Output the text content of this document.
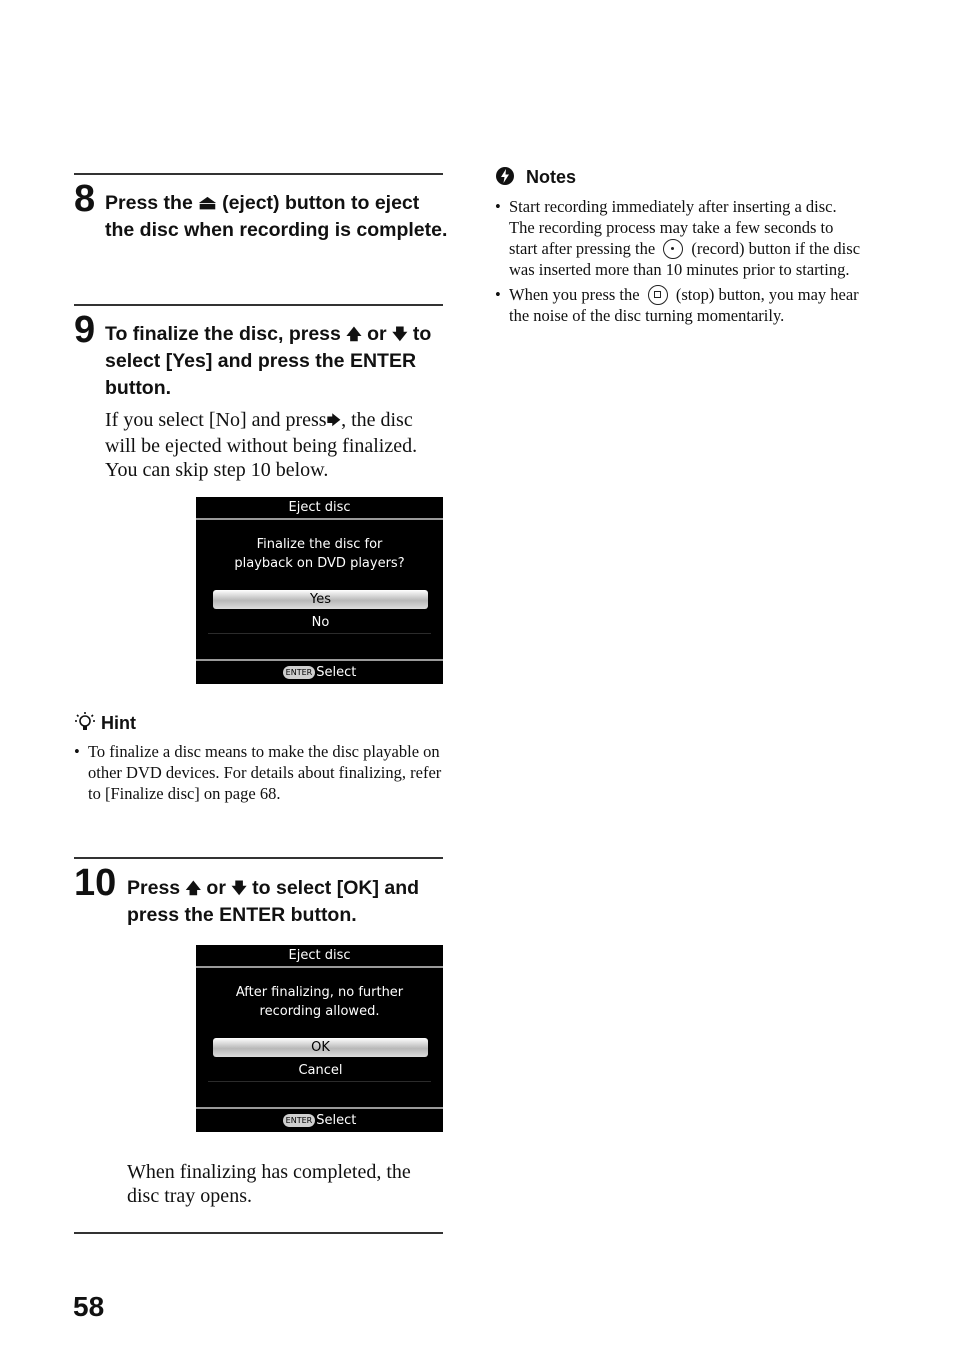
8 Press the ⏏ (eject) button to eject the disc when recording is complete.
9 To finalize the disc, press 🡅 or 🡇 to select [Yes] and press the ENTER button.
If you select [No] and press🡆, the disc will be ejected without being finalized. You can skip step 10 below.
Eject disc
Finalize the disc for
playback on DVD players?
Yes
No
ENTER Select
Hint
• To finalize a disc means to make the disc playable on other DVD devices. For details about finalizing, refer to [Finalize disc] on page 68.
10 Press 🡅 or 🡇 to select [OK] and press the ENTER button.
Eject disc
After finalizing, no further
recording allowed.
OK
Cancel
ENTER Select
When finalizing has completed, the disc tray opens.
Notes
• Start recording immediately after inserting a disc. The recording process may take a few seconds to start after pressing the (record) button if the disc was inserted more than 10 minutes prior to starting.
• When you press the (stop) button, you may hear the noise of the disc turning momentarily.
58
